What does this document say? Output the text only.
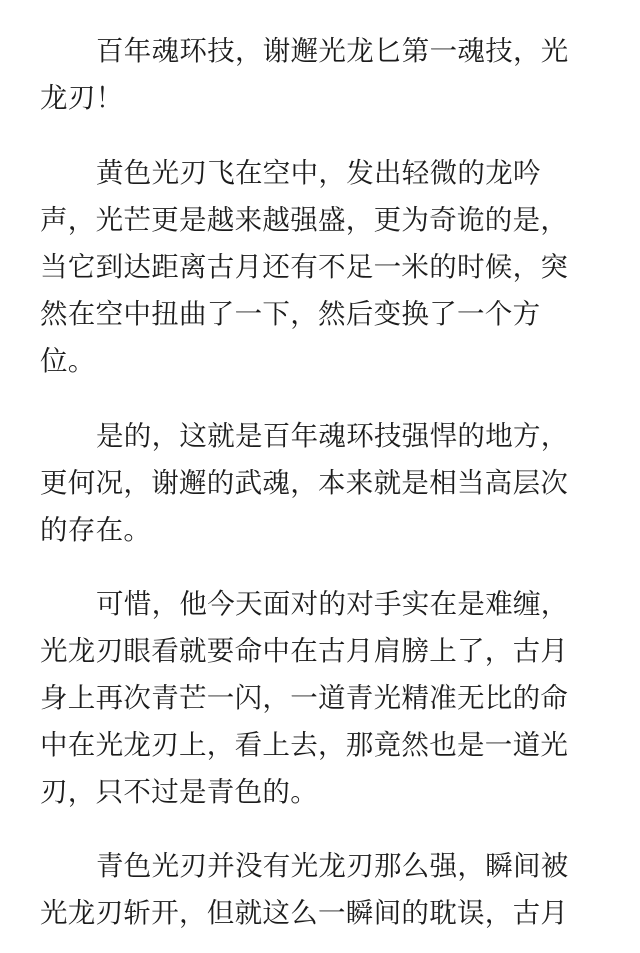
百年魂环技，谢邂光龙匕第一魂技，光
龙刃！

黄色光刃飞在空中，发出轻微的龙吟
声，光芒更是越来越强盛，更为奇诡的是，
当它到达距离古月还有不足一米的时候，突
然在空中扭曲了一下，然后变换了一个方
位。

是的，这就是百年魂环技强悍的地方，
更何况，谢邂的武魂，本来就是相当高层次
的存在。

可惜，他今天面对的对手实在是难缠，
光龙刃眼看就要命中在古月肩膀上了，古月
身上再次青芒一闪，一道青光精准无比的命
中在光龙刃上，看上去，那竟然也是一道光
刃，只不过是青色的。

青色光刃并没有光龙刃那么强，瞬间被
光龙刃斩开，但就这么一瞬间的耽误，古月
